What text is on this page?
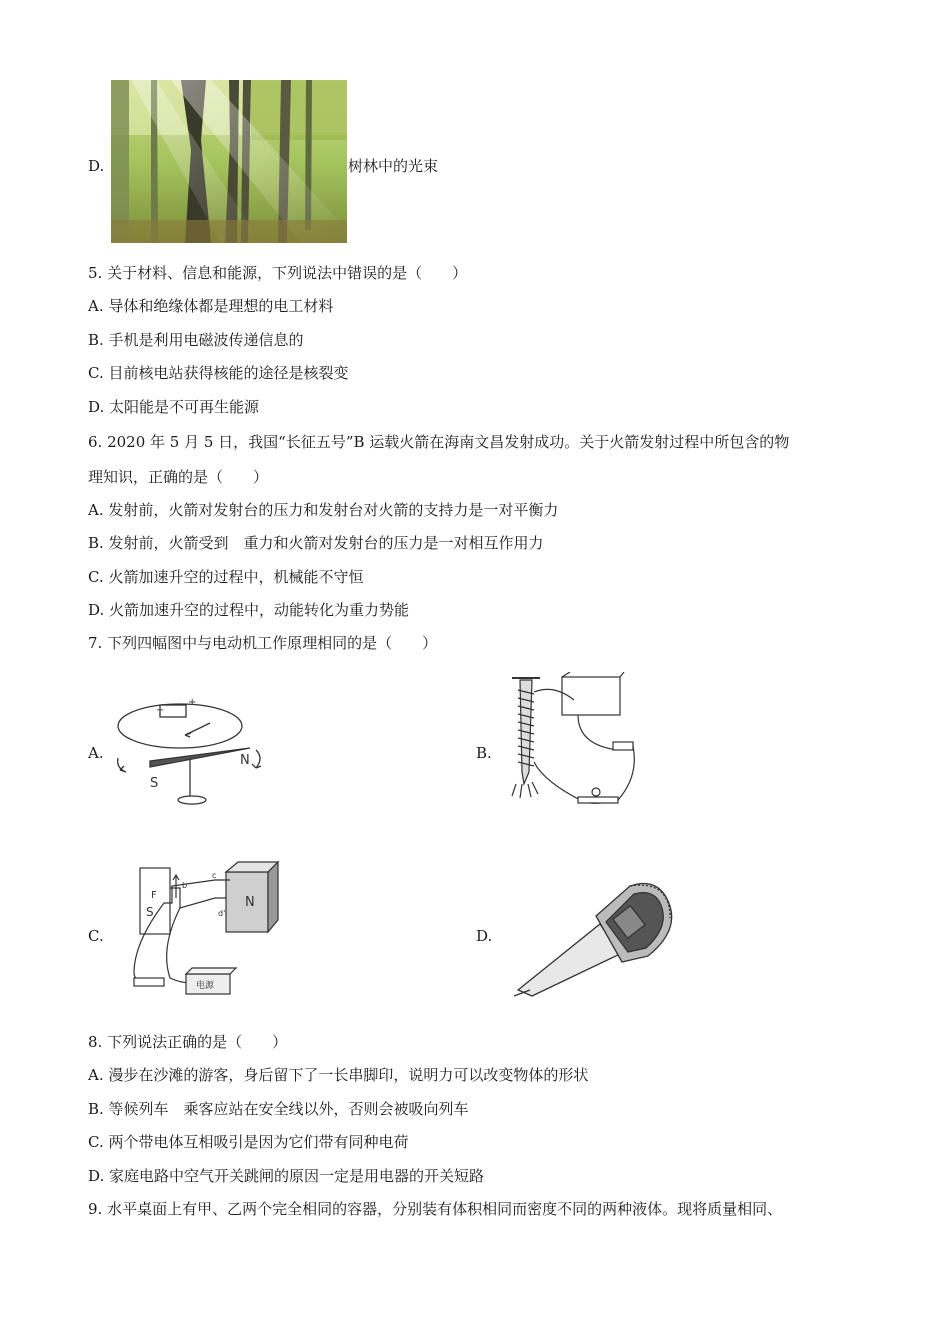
D.	树林中的光束
5. 关于材料、信息和能源，下列说法中错误的是（　　）
A. 导体和绝缘体都是理想的电工材料
B. 手机是利用电磁波传递信息的
C. 目前核电站获得核能的途径是核裂变
D. 太阳能是不可再生能源
6. 2020 年 5 月 5 日，我国“长征五号”B 运载火箭在海南文昌发射成功。关于火箭发射过程中所包含的物
理知识，正确的是（　　）
A. 发射前，火箭对发射台的压力和发射台对火箭的支持力是一对平衡力
B. 发射前，火箭受到　重力和火箭对发射台的压力是一对相互作用力
C. 火箭加速升空的过程中，机械能不守恒
D. 火箭加速升空的过程中，动能转化为重力势能
7. 下列四幅图中与电动机工作原理相同的是（　　）
A.
−
+
S
N	B.
C.
F
S
N
b
c
d'
电源
D.
8. 下列说法正确的是（　　）
A. 漫步在沙滩的游客，身后留下了一长串脚印，说明力可以改变物体的形状
B. 等候列车　乘客应站在安全线以外，否则会被吸向列车
C. 两个带电体互相吸引是因为它们带有同种电荷
D. 家庭电路中空气开关跳闸的原因一定是用电器的开关短路
9. 水平桌面上有甲、乙两个完全相同的容器，分别装有体积相同而密度不同的两种液体。现将质量相同、
